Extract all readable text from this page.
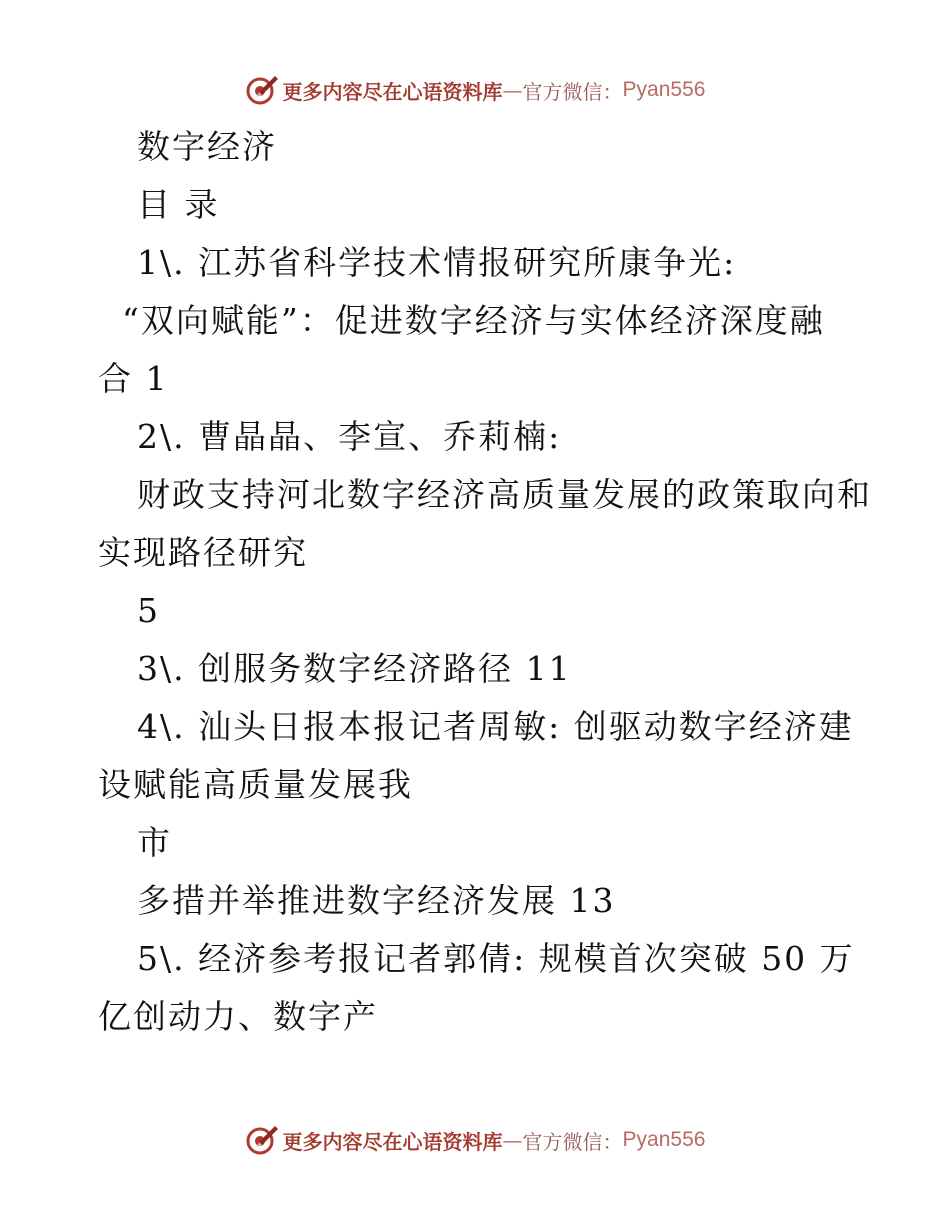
更多内容尽在心语资料库 — 官方微信： Pyan556
数字经济
目 录
1\. 江苏省科学技术情报研究所康争光:
“双向赋能”：促进数字经济与实体经济深度融
合 1
2\. 曹晶晶、李宣、乔莉楠:
财政支持河北数字经济高质量发展的政策取向和
实现路径研究
5
3\. 创服务数字经济路径 11
4\. 汕头日报本报记者周敏: 创驱动数字经济建
设赋能高质量发展我
市
多措并举推进数字经济发展 13
5\. 经济参考报记者郭倩: 规模首次突破 50 万
亿创动力、数字产
更多内容尽在心语资料库 — 官方微信： Pyan556
